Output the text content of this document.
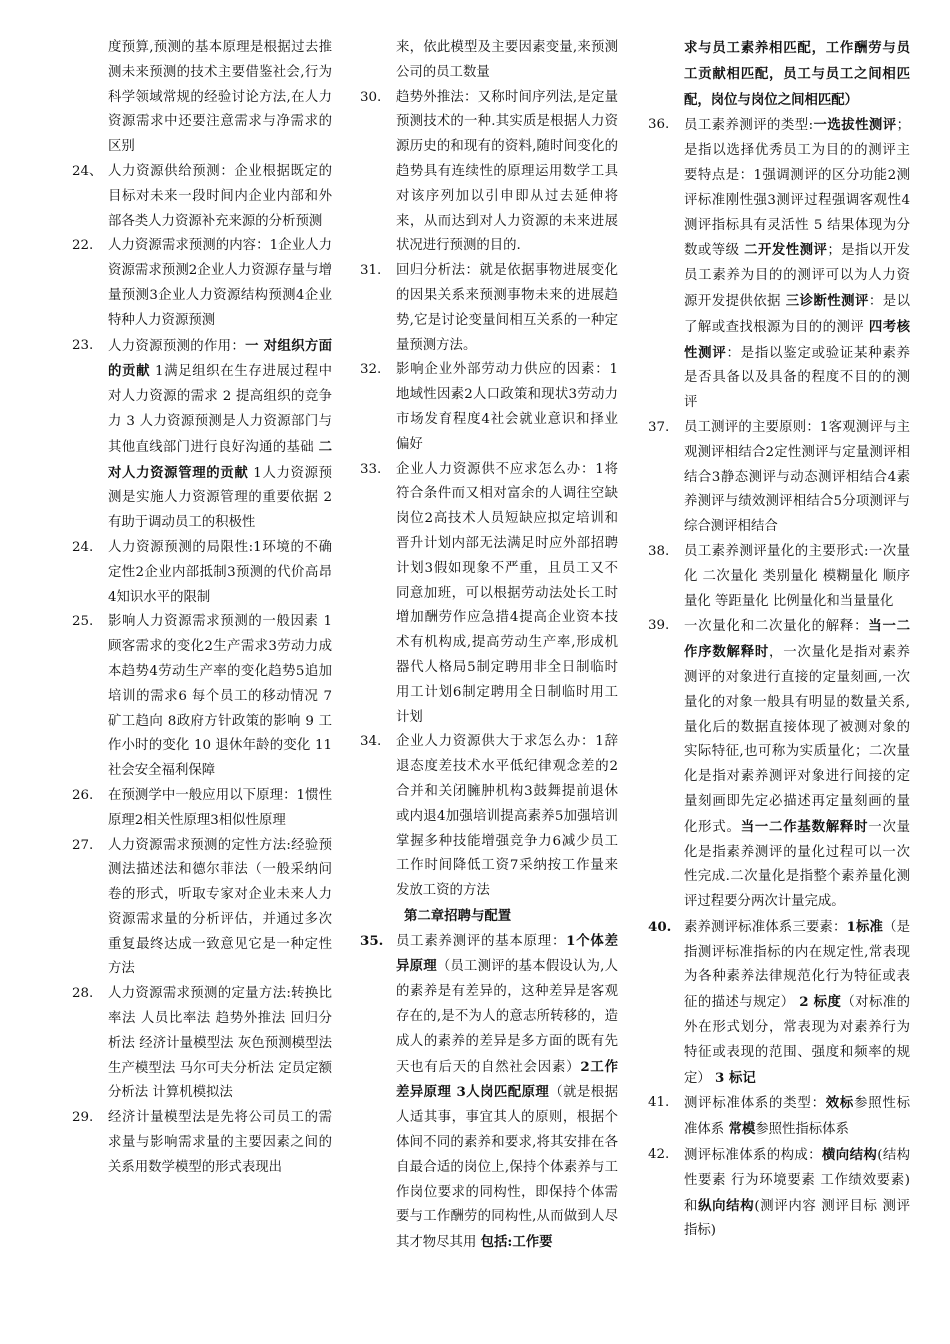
度预算,预测的基本原理是根据过去推测未来预测的技术主要借鉴社会,行为科学领域常规的经验讨论方法,在人力资源需求中还要注意需求与净需求的区别
24、 人力资源供给预测：企业根据既定的目标对未来一段时间内企业内部和外部各类人力资源补充来源的分析预测
22. 人力资源需求预测的内容：1企业人力资源需求预测2企业人力资源存量与增量预测3企业人力资源结构预测4企业特种人力资源预测
23. 人力资源预测的作用：一 对组织方面的贡献 1满足组织在生存进展过程中对人力资源的需求 2 提高组织的竞争力 3 人力资源预测是人力资源部门与其他直线部门进行良好沟通的基础 二 对人力资源管理的贡献 1人力资源预测是实施人力资源管理的重要依据 2 有助于调动员工的积极性
24. 人力资源预测的局限性:1环境的不确定性2企业内部抵制3预测的代价高昂4知识水平的限制
25. 影响人力资源需求预测的一般因素 1顾客需求的变化2生产需求3劳动力成本趋势4劳动生产率的变化趋势5追加培训的需求6 每个员工的移动情况 7 矿工趋向 8政府方针政策的影响 9 工作小时的变化 10 退休年龄的变化 11 社会安全福利保障
26. 在预测学中一般应用以下原理：1惯性原理2相关性原理3相似性原理
27. 人力资源需求预测的定性方法:经验预测法描述法和德尔菲法（一般采纳问卷的形式，听取专家对企业未来人力资源需求量的分析评估，并通过多次重复最终达成一致意见它是一种定性方法
28. 人力资源需求预测的定量方法:转换比率法 人员比率法 趋势外推法 回归分析法 经济计量模型法 灰色预测模型法 生产模型法 马尔可夫分析法 定员定额分析法 计算机模拟法
29. 经济计量模型法是先将公司员工的需求量与影响需求量的主要因素之间的关系用数学模型的形式表现出
来，依此模型及主要因素变量,来预测公司的员工数量
30. 趋势外推法：又称时间序列法,是定量预测技术的一种.其实质是根据人力资源历史的和现有的资料,随时间变化的趋势具有连续性的原理运用数学工具对该序列加以引申即从过去延伸将来，从而达到对人力资源的未来进展状况进行预测的目的.
31. 回归分析法：就是依据事物进展变化的因果关系来预测事物未来的进展趋势,它是讨论变量间相互关系的一种定量预测方法。
32. 影响企业外部劳动力供应的因素：1地域性因素2人口政策和现状3劳动力市场发育程度4社会就业意识和择业偏好
33. 企业人力资源供不应求怎么办：1将符合条件而又相对富余的人调往空缺岗位2高技术人员短缺应拟定培训和晋升计划内部无法满足时应外部招聘计划3假如现象不严重，且员工又不同意加班，可以根据劳动法处长工时增加酬劳作应急措4提高企业资本技术有机构成,提高劳动生产率,形成机器代人格局5制定聘用非全日制临时用工计划6制定聘用全日制临时用工计划
34. 企业人力资源供大于求怎么办：1辞退态度差技术水平低纪律观念差的2合并和关闭臃肿机构3鼓舞提前退休或内退4加强培训提高素养5加强培训掌握多种技能增强竞争力6减少员工工作时间降低工资7采纳按工作量来发放工资的方法
第二章招聘与配置
35. 员工素养测评的基本原理：1个体差异原理（员工测评的基本假设认为,人的素养是有差异的，这种差异是客观存在的,是不为人的意志所转移的，造成人的素养的差异是多方面的既有先天也有后天的自然社会因素）2工作差异原理 3人岗匹配原理（就是根据人适其事，事宜其人的原则，根据个体间不同的素养和要求,将其安排在各自最合适的岗位上,保持个体素养与工作岗位要求的同构性，即保持个体需要与工作酬劳的同构性,从而做到人尽其才物尽其用 包括:工作要
求与员工素养相匹配，工作酬劳与员工贡献相匹配，员工与员工之间相匹配，岗位与岗位之间相匹配）
36. 员工素养测评的类型:一选拔性测评；是指以选择优秀员工为目的的测评主要特点是：1强调测评的区分功能2测评标准刚性强3测评过程强调客观性4测评指标具有灵活性 5 结果体现为分数或等级 二开发性测评；是指以开发员工素养为目的的测评可以为人力资源开发提供依据 三诊断性测评：是以了解或查找根源为目的的测评 四考核性测评：是指以鉴定或验证某种素养是否具备以及具备的程度不目的的测评
37. 员工测评的主要原则：1客观测评与主观测评相结合2定性测评与定量测评相结合3静态测评与动态测评相结合4素养测评与绩效测评相结合5分项测评与综合测评相结合
38. 员工素养测评量化的主要形式:一次量化 二次量化 类别量化 模糊量化 顺序量化 等距量化 比例量化和当量量化
39. 一次量化和二次量化的解释：当一二作序数解释时，一次量化是指对素养测评的对象进行直接的定量刻画,一次量化的对象一般具有明显的数量关系,量化后的数据直接体现了被测对象的实际特征,也可称为实质量化；二次量化是指对素养测评对象进行间接的定量刻画即先定必描述再定量刻画的量化形式。当一二作基数解释时一次量化是指素养测评的量化过程可以一次性完成.二次量化是指整个素养量化测评过程要分两次计量完成。
40. 素养测评标准体系三要素：1标准（是指测评标准指标的内在规定性,常表现为各种素养法律规范化行为特征或表征的描述与规定） 2 标度（对标准的外在形式划分，常表现为对素养行为特征或表现的范围、强度和频率的规定） 3 标记
41. 测评标准体系的类型：效标参照性标准体系 常模参照性指标体系
42. 测评标准体系的构成：横向结构(结构性要素 行为环境要素 工作绩效要素)和纵向结构(测评内容 测评目标 测评指标)
